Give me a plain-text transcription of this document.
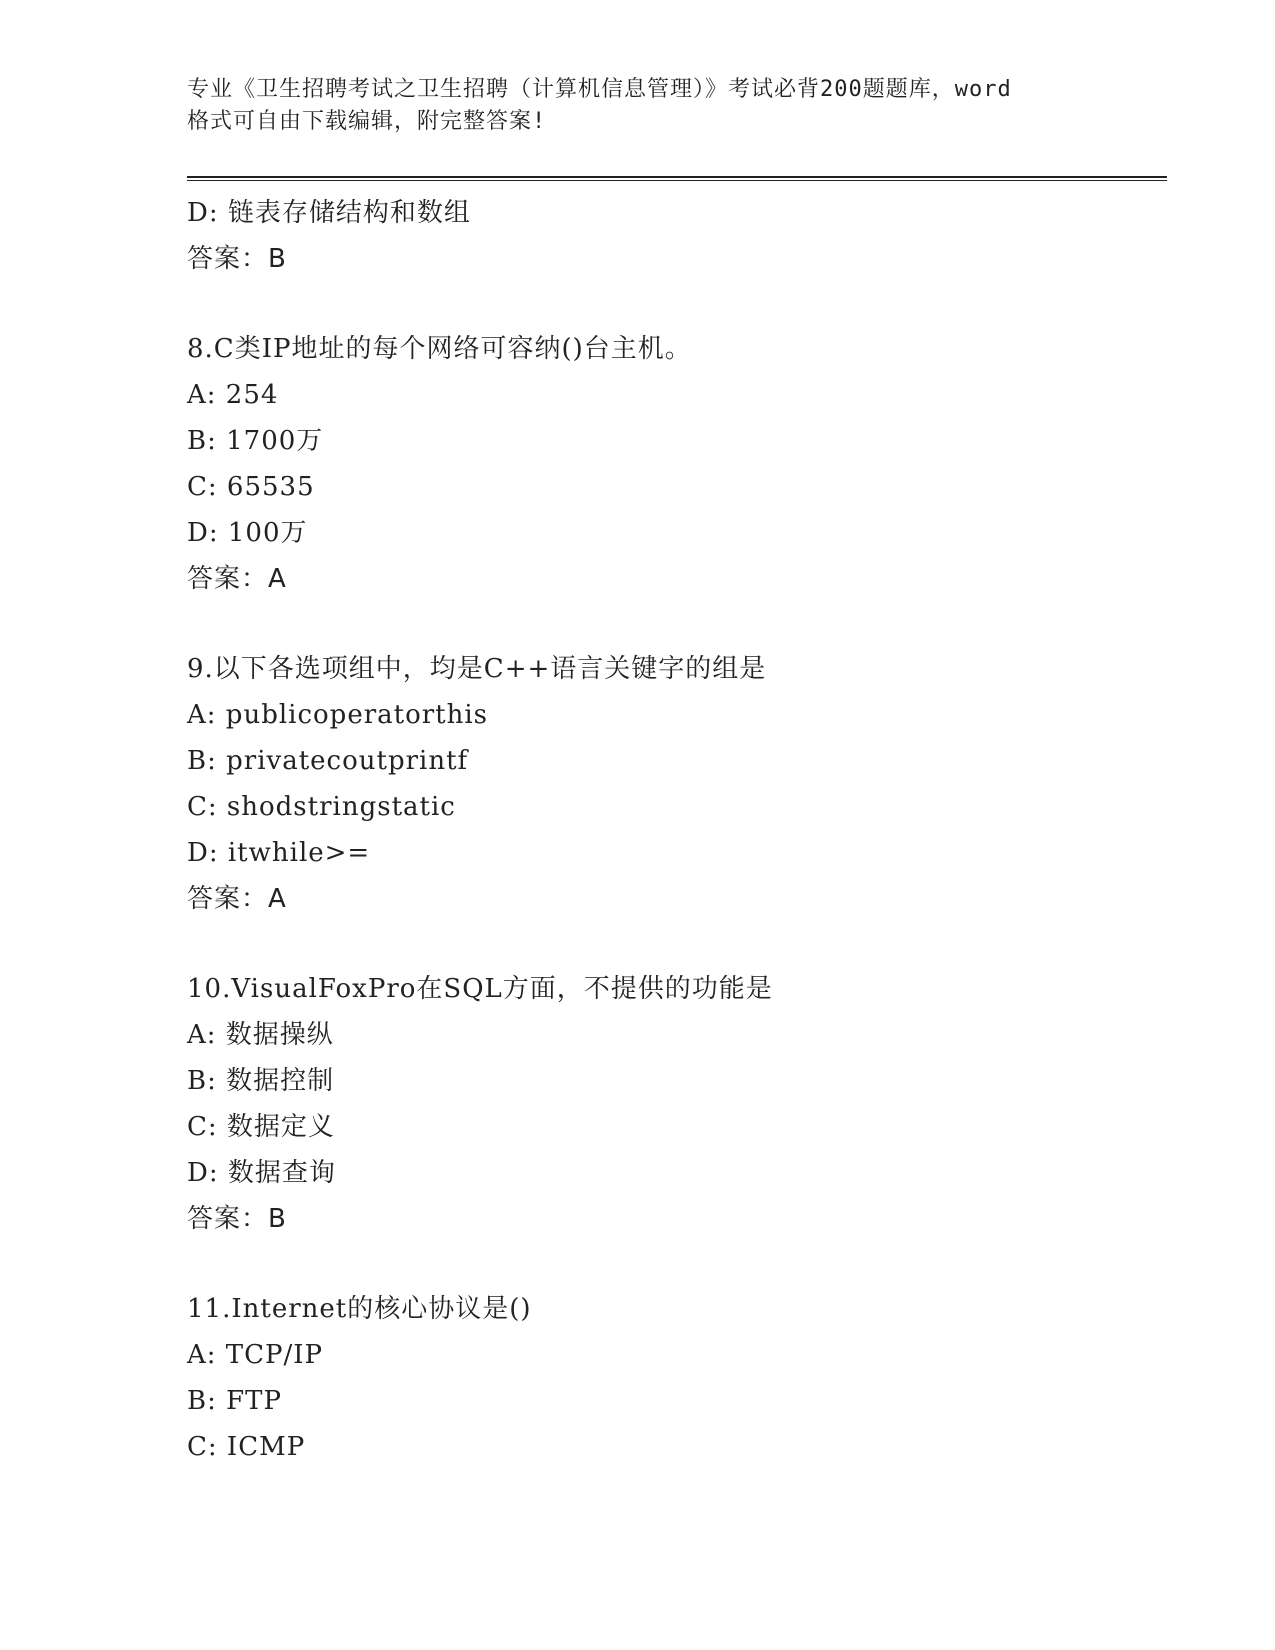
专业《卫生招聘考试之卫生招聘（计算机信息管理）》考试必背200题题库，word
格式可自由下载编辑，附完整答案!
D: 链表存储结构和数组
答案：B
8.C类IP地址的每个网络可容纳()台主机。
A: 254
B: 1700万
C: 65535
D: 100万
答案：A
9.以下各选项组中，均是C++语言关键字的组是
A: publicoperatorthis
B: privatecoutprintf
C: shodstringstatic
D: itwhile>=
答案：A
10.VisualFoxPro在SQL方面，不提供的功能是
A: 数据操纵
B: 数据控制
C: 数据定义
D: 数据查询
答案：B
11.Internet的核心协议是()
A: TCP/IP
B: FTP
C: ICMP
